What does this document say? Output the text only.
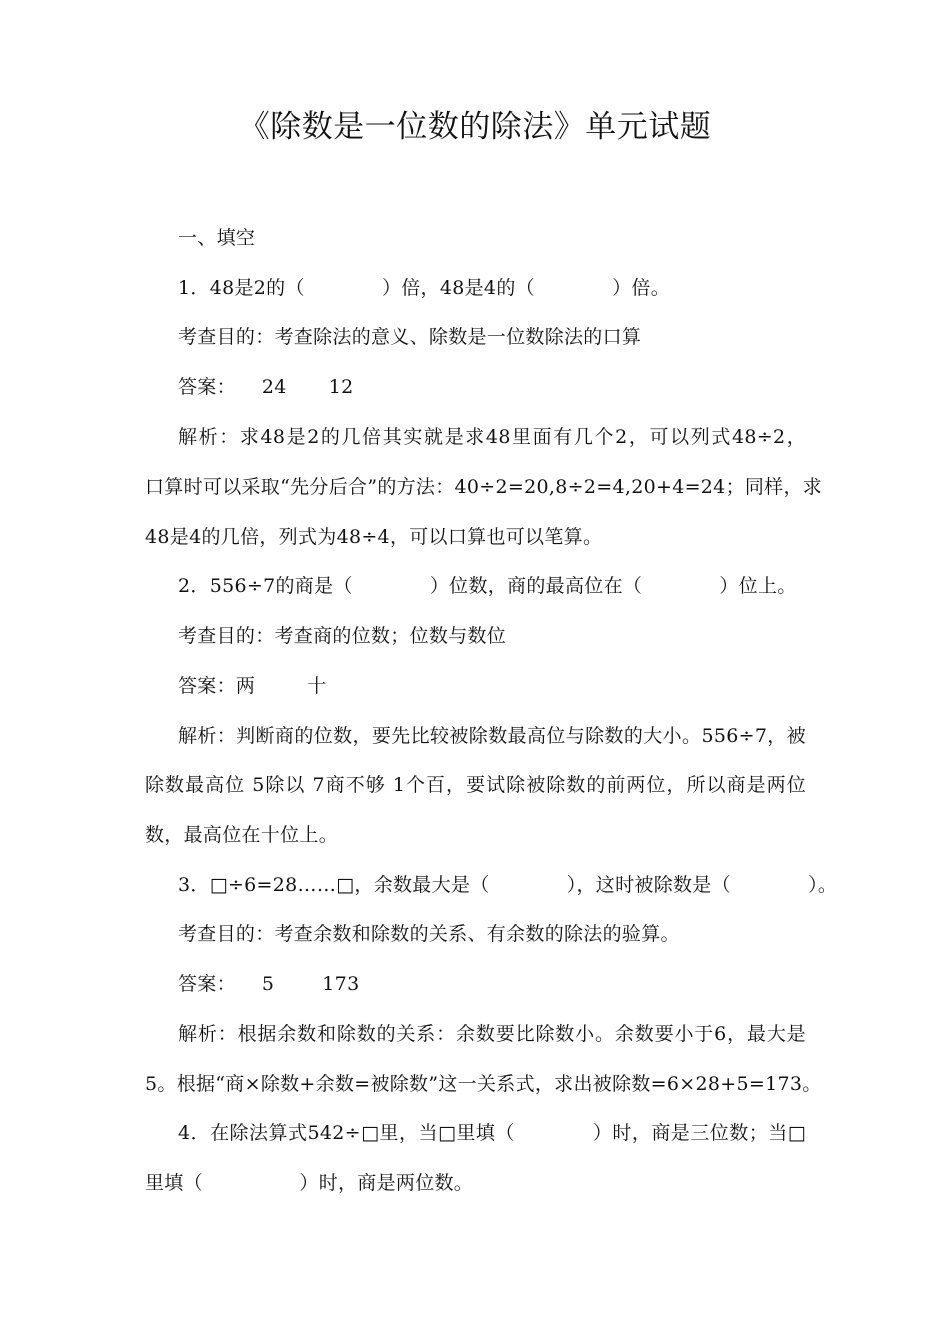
《除数是一位数的除法》单元试题
一、填空
1．48是2的（　　　　）倍，48是4的（　　　　）倍。
考查目的：考查除法的意义、除数是一位数除法的口算
答案： 24 12
解析：求48是2的几倍其实就是求48里面有几个2，可以列式48÷2，
口算时可以采取“先分后合”的方法：40÷2=20,8÷2=4,20+4=24；同样，求
48是4的几倍，列式为48÷4，可以口算也可以笔算。
2．556÷7的商是（　　　　）位数，商的最高位在（　　　　）位上。
考查目的：考查商的位数；位数与数位
答案：两	十
解析：判断商的位数，要先比较被除数最高位与除数的大小。556÷7，被
除数最高位 5除以 7商不够 1个百，要试除被除数的前两位，所以商是两位
数，最高位在十位上。
3．□÷6=28……□，余数最大是（　　　　），这时被除数是（　　　　）。
考查目的：考查余数和除数的关系、有余数的除法的验算。
答案： 5	173
解析：根据余数和除数的关系：余数要比除数小。余数要小于6，最大是
5。根据“商×除数+余数=被除数”这一关系式，求出被除数=6×28+5=173。
4．在除法算式542÷□里，当□里填（　　　　）时，商是三位数；当□
里填（　　　　　）时，商是两位数。
